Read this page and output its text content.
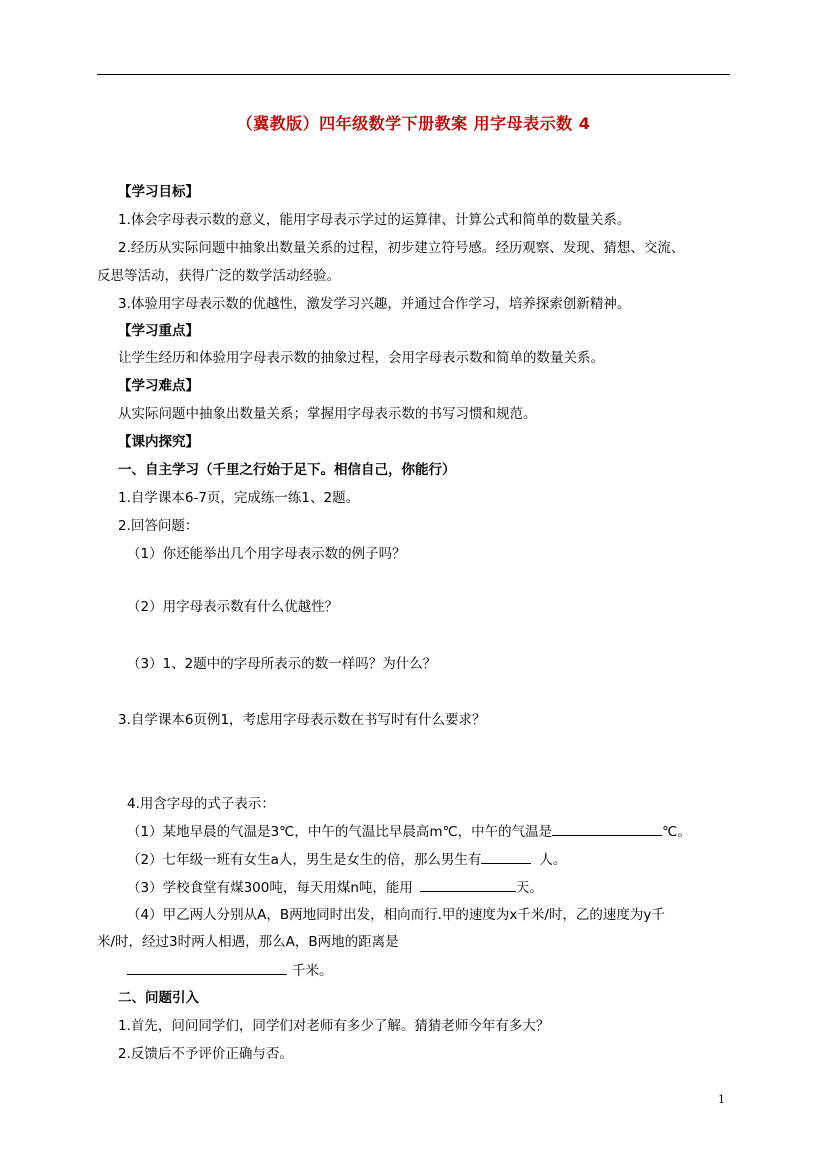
（冀教版）四年级数学下册教案 用字母表示数 4
【学习目标】
1.体会字母表示数的意义，能用字母表示学过的运算律、计算公式和简单的数量关系。
2.经历从实际问题中抽象出数量关系的过程，初步建立符号感。经历观察、发现、猜想、交流、
反思等活动，获得广泛的数学活动经验。
3.体验用字母表示数的优越性，激发学习兴趣，并通过合作学习，培养探索创新精神。
【学习重点】
让学生经历和体验用字母表示数的抽象过程，会用字母表示数和简单的数量关系。
【学习难点】
从实际问题中抽象出数量关系；掌握用字母表示数的书写习惯和规范。
【课内探究】
一、自主学习（千里之行始于足下。相信自己，你能行）
1.自学课本6-7页，完成练一练1、2题。
2.回答问题：
（1）你还能举出几个用字母表示数的例子吗？
（2）用字母表示数有什么优越性？
（3）1、2题中的字母所表示的数一样吗？为什么？
3.自学课本6页例1，考虑用字母表示数在书写时有什么要求？
4.用含字母的式子表示：
（1）某地早晨的气温是3℃，中午的气温比早晨高m℃，中午的气温是	℃。
（2）七年级一班有女生a人，男生是女生的倍，那么男生有	人。
（3）学校食堂有煤300吨，每天用煤n吨，能用	天。
（4）甲乙两人分别从A，B两地同时出发，相向而行.甲的速度为x千米/时，乙的速度为y千
米/时，经过3时两人相遇，那么A，B两地的距离是
千米。
二、问题引入
1.首先，问问同学们，同学们对老师有多少了解。猜猜老师今年有多大？
2.反馈后不予评价正确与否。
1
